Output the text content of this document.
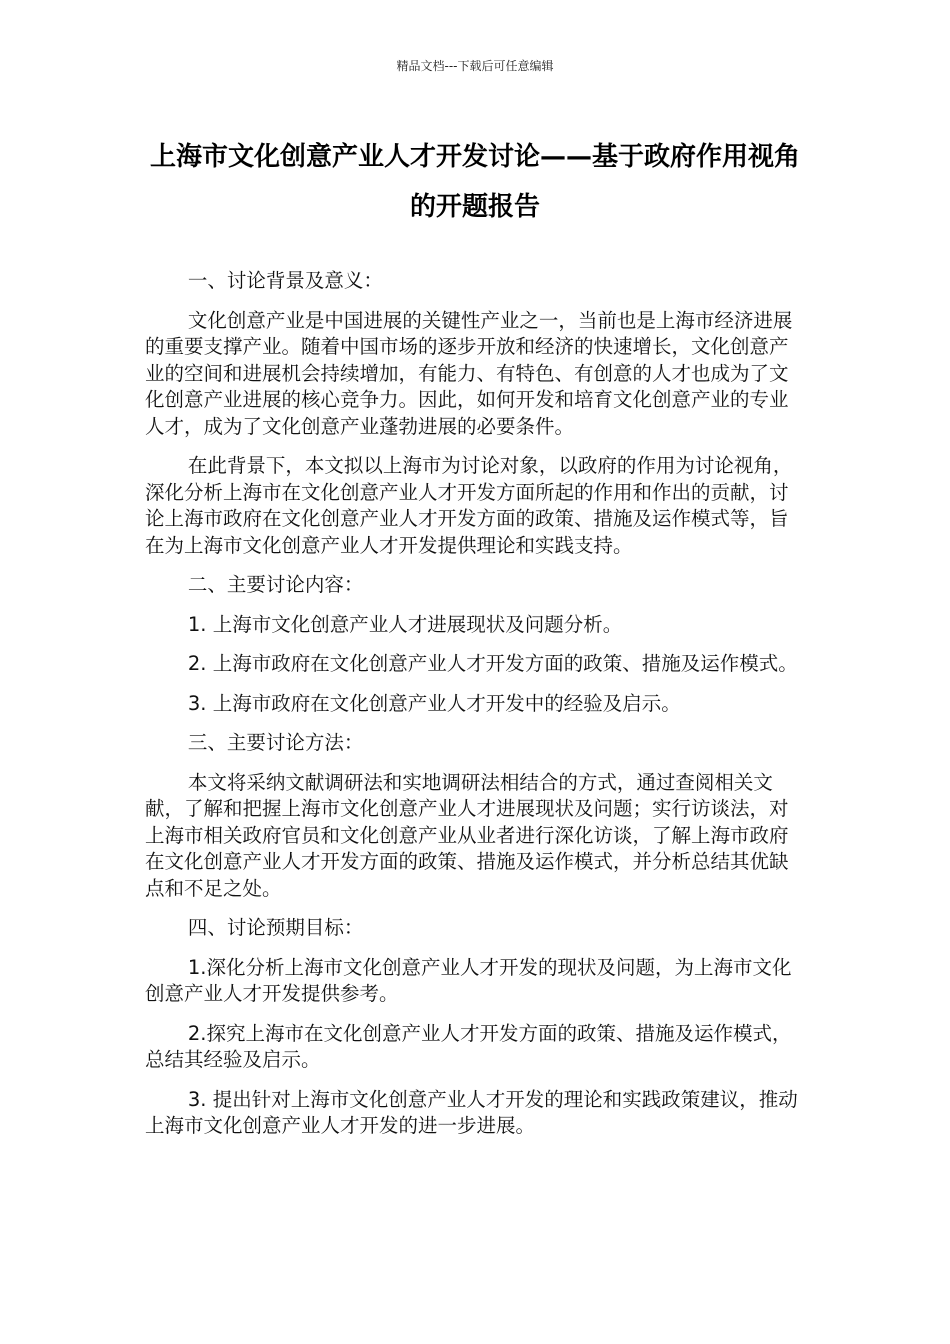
精品文档---下载后可任意编辑
上海市文化创意产业人才开发讨论——基于政府作用视角的开题报告

一、讨论背景及意义：

文化创意产业是中国进展的关键性产业之一，当前也是上海市经济进展的重要支撑产业。随着中国市场的逐步开放和经济的快速增长，文化创意产业的空间和进展机会持续增加，有能力、有特色、有创意的人才也成为了文化创意产业进展的核心竞争力。因此，如何开发和培育文化创意产业的专业人才，成为了文化创意产业蓬勃进展的必要条件。

在此背景下，本文拟以上海市为讨论对象，以政府的作用为讨论视角，深化分析上海市在文化创意产业人才开发方面所起的作用和作出的贡献，讨论上海市政府在文化创意产业人才开发方面的政策、措施及运作模式等，旨在为上海市文化创意产业人才开发提供理论和实践支持。

二、主要讨论内容：

1. 上海市文化创意产业人才进展现状及问题分析。

2. 上海市政府在文化创意产业人才开发方面的政策、措施及运作模式。

3. 上海市政府在文化创意产业人才开发中的经验及启示。

三、主要讨论方法：

本文将采纳文献调研法和实地调研法相结合的方式，通过查阅相关文献，了解和把握上海市文化创意产业人才进展现状及问题；实行访谈法，对上海市相关政府官员和文化创意产业从业者进行深化访谈，了解上海市政府在文化创意产业人才开发方面的政策、措施及运作模式，并分析总结其优缺点和不足之处。

四、讨论预期目标：

1.深化分析上海市文化创意产业人才开发的现状及问题，为上海市文化创意产业人才开发提供参考。

2.探究上海市在文化创意产业人才开发方面的政策、措施及运作模式，总结其经验及启示。

3. 提出针对上海市文化创意产业人才开发的理论和实践政策建议，推动上海市文化创意产业人才开发的进一步进展。
